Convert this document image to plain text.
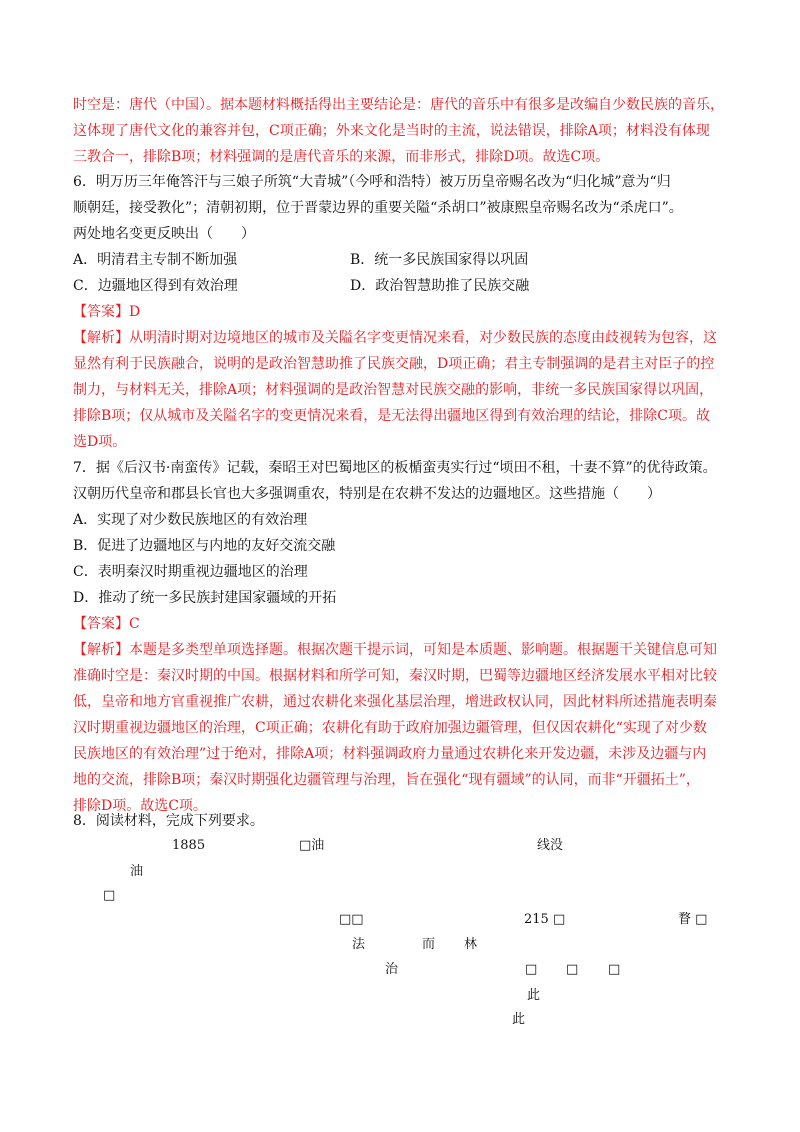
时空是：唐代（中国）。据本题材料概括得出主要结论是：唐代的音乐中有很多是改编自少数民族的音乐，
这体现了唐代文化的兼容并包，C项正确；外来文化是当时的主流，说法错误，排除A项；材料没有体现
三教合一，排除B项；材料强调的是唐代音乐的来源，而非形式，排除D项。故选C项。
6．明万历三年俺答汗与三娘子所筑“大青城”（今呼和浩特）被万历皇帝赐名改为“归化城”意为“归
顺朝廷，接受教化”；清朝初期，位于晋蒙边界的重要关隘“杀胡口”被康熙皇帝赐名改为“杀虎口”。
两处地名变更反映出（　　）
A．明清君主专制不断加强	B．统一多民族国家得以巩固
C．边疆地区得到有效治理	D．政治智慧助推了民族交融
【答案】D
【解析】从明清时期对边境地区的城市及关隘名字变更情况来看，对少数民族的态度由歧视转为包容，这
显然有利于民族融合，说明的是政治智慧助推了民族交融，D项正确；君主专制强调的是君主对臣子的控
制力，与材料无关，排除A项；材料强调的是政治智慧对民族交融的影响，非统一多民族国家得以巩固，
排除B项；仅从城市及关隘名字的变更情况来看，是无法得出疆地区得到有效治理的结论，排除C项。故
选D项。
7．据《后汉书·南蛮传》记载，秦昭王对巴蜀地区的板楯蛮夷实行过“顷田不租，十妻不算”的优待政策。
汉朝历代皇帝和郡县长官也大多强调重农，特别是在农耕不发达的边疆地区。这些措施（　　）
A．实现了对少数民族地区的有效治理
B．促进了边疆地区与内地的友好交流交融
C．表明秦汉时期重视边疆地区的治理
D．推动了统一多民族封建国家疆域的开拓
【答案】C
【解析】本题是多类型单项选择题。根据次题干提示词，可知是本质题、影响题。根据题干关键信息可知
准确时空是：秦汉时期的中国。根据材料和所学可知，秦汉时期，巴蜀等边疆地区经济发展水平相对比较
低，皇帝和地方官重视推广农耕，通过农耕化来强化基层治理，增进政权认同，因此材料所述措施表明秦
汉时期重视边疆地区的治理，C项正确；农耕化有助于政府加强边疆管理，但仅因农耕化“实现了对少数
民族地区的有效治理”过于绝对，排除A项；材料强调政府力量通过农耕化来开发边疆，未涉及边疆与内
地的交流，排除B项；秦汉时期强化边疆管理与治理，旨在强化“现有疆域”的认同，而非“开疆拓土”，
排除D项。故选C项。
8．阅读材料，完成下列要求。
1885	□油	线没
油
□
□□	215 □	瞀 □
法	而 林
治	□ □ □
此
此
